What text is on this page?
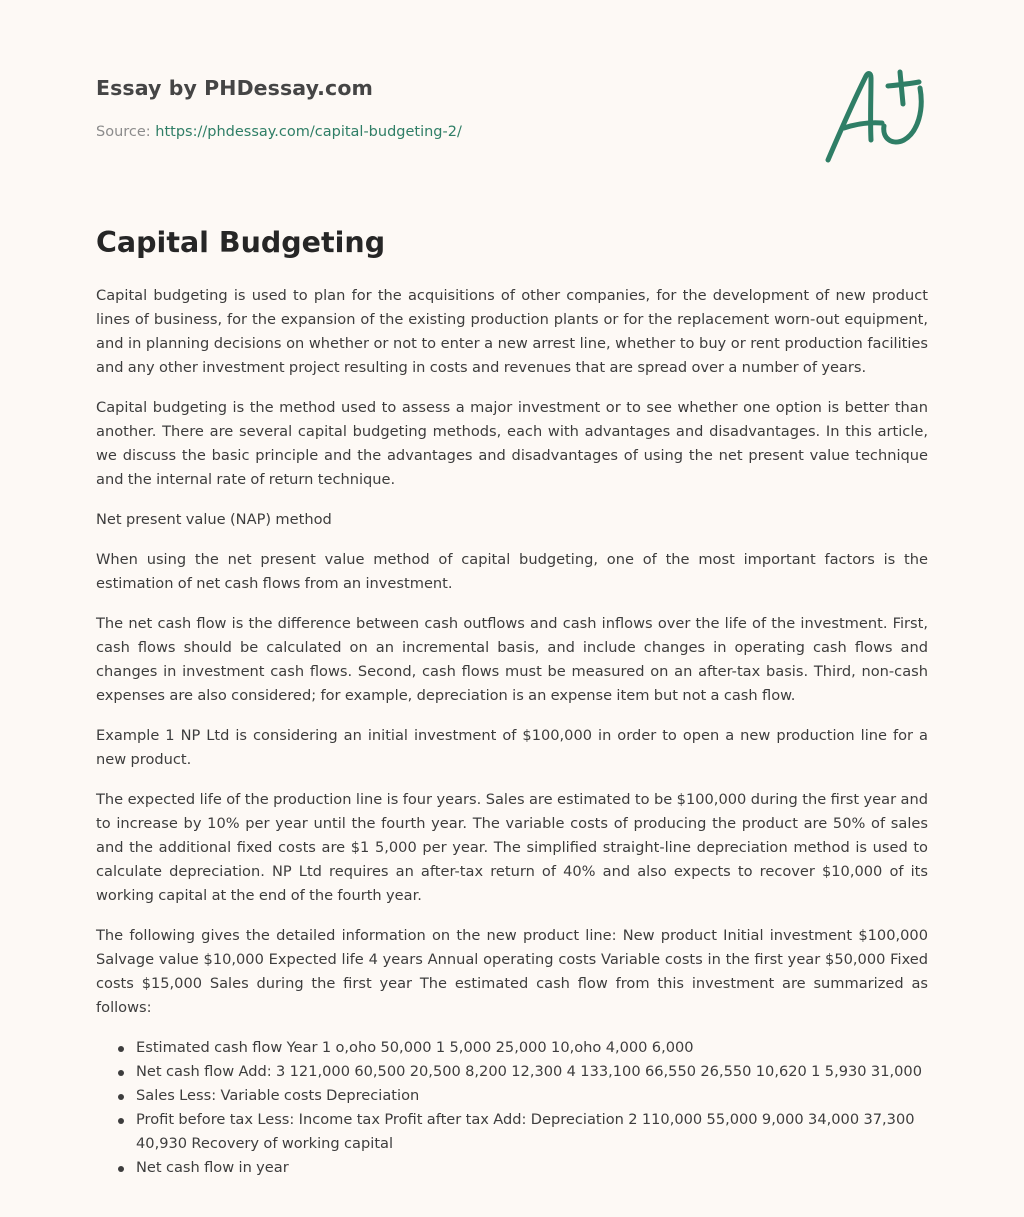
Essay by PHDessay.com
Source: https://phdessay.com/capital-budgeting-2/
Capital Budgeting

Capital budgeting is used to plan for the acquisitions of other companies, for the development of new product lines of business, for the expansion of the existing production plants or for the replacement worn-out equipment, and in planning decisions on whether or not to enter a new arrest line, whether to buy or rent production facilities and any other investment project resulting in costs and revenues that are spread over a number of years.

Capital budgeting is the method used to assess a major investment or to see whether one option is better than another. There are several capital budgeting methods, each with advantages and disadvantages. In this article, we discuss the basic principle and the advantages and disadvantages of using the net present value technique and the internal rate of return technique.

Net present value (NAP) method

When using the net present value method of capital budgeting, one of the most important factors is the estimation of net cash flows from an investment.

The net cash flow is the difference between cash outflows and cash inflows over the life of the investment. First, cash flows should be calculated on an incremental basis, and include changes in operating cash flows and changes in investment cash flows. Second, cash flows must be measured on an after-tax basis. Third, non-cash expenses are also considered; for example, depreciation is an expense item but not a cash flow.

Example 1 NP Ltd is considering an initial investment of $100,000 in order to open a new production line for a new product.

The expected life of the production line is four years. Sales are estimated to be $100,000 during the first year and to increase by 10% per year until the fourth year. The variable costs of producing the product are 50% of sales and the additional fixed costs are $1 5,000 per year. The simplified straight-line depreciation method is used to calculate depreciation. NP Ltd requires an after-tax return of 40% and also expects to recover $10,000 of its working capital at the end of the fourth year.

The following gives the detailed information on the new product line: New product Initial investment $100,000 Salvage value $10,000 Expected life 4 years Annual operating costs Variable costs in the first year $50,000 Fixed costs $15,000 Sales during the first year The estimated cash flow from this investment are summarized as follows:

Estimated cash flow Year 1 o,oho 50,000 1 5,000 25,000 10,oho 4,000 6,000
Net cash flow Add: 3 121,000 60,500 20,500 8,200 12,300 4 133,100 66,550 26,550 10,620 1 5,930 31,000
Sales Less: Variable costs Depreciation
Profit before tax Less: Income tax Profit after tax Add: Depreciation 2 110,000 55,000 9,000 34,000 37,300 40,930 Recovery of working capital
Net cash flow in year
